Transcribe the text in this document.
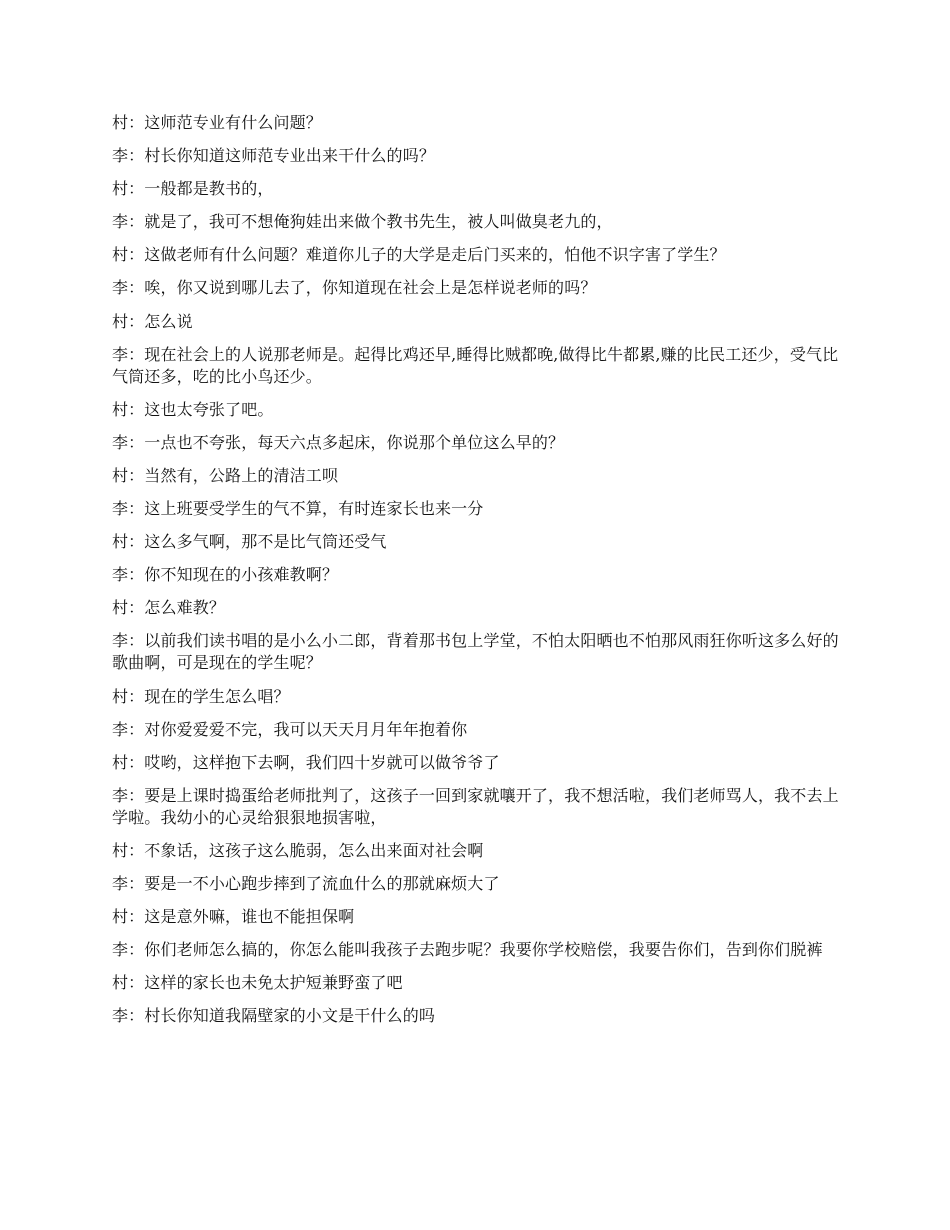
村：这师范专业有什么问题？

李：村长你知道这师范专业出来干什么的吗？

村：一般都是教书的，

李：就是了，我可不想俺狗娃出来做个教书先生，被人叫做臭老九的，

村：这做老师有什么问题？难道你儿子的大学是走后门买来的，怕他不识字害了学生？

李：唉，你又说到哪儿去了，你知道现在社会上是怎样说老师的吗？

村：怎么说

李：现在社会上的人说那老师是。起得比鸡还早,睡得比贼都晚,做得比牛都累,赚的比民工还少，受气比气筒还多，吃的比小鸟还少。

村：这也太夸张了吧。

李：一点也不夸张，每天六点多起床，你说那个单位这么早的？

村：当然有，公路上的清洁工呗

李：这上班要受学生的气不算，有时连家长也来一分

村：这么多气啊，那不是比气筒还受气

李：你不知现在的小孩难教啊？

村：怎么难教？

李：以前我们读书唱的是小么小二郎，背着那书包上学堂，不怕太阳晒也不怕那风雨狂你听这多么好的歌曲啊，可是现在的学生呢？

村：现在的学生怎么唱？

李：对你爱爱爱不完，我可以天天月月年年抱着你

村：哎哟，这样抱下去啊，我们四十岁就可以做爷爷了

李：要是上课时捣蛋给老师批判了，这孩子一回到家就嚷开了，我不想活啦，我们老师骂人，我不去上学啦。我幼小的心灵给狠狠地损害啦，

村：不象话，这孩子这么脆弱，怎么出来面对社会啊

李：要是一不小心跑步摔到了流血什么的那就麻烦大了

村：这是意外嘛，谁也不能担保啊

李：你们老师怎么搞的，你怎么能叫我孩子去跑步呢？我要你学校赔偿，我要告你们，告到你们脱裤

村：这样的家长也未免太护短兼野蛮了吧

李：村长你知道我隔壁家的小文是干什么的吗
